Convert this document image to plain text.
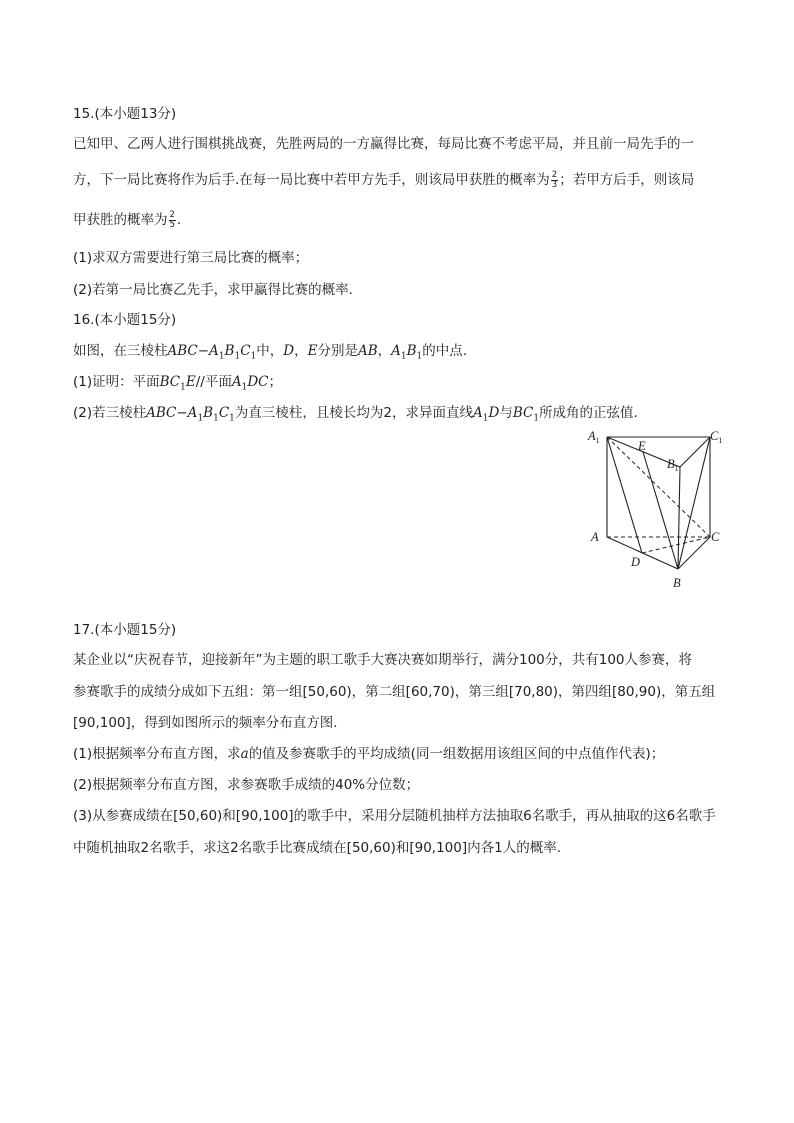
15.(本小题13分)
已知甲、乙两人进行围棋挑战赛，先胜两局的一方赢得比赛，每局比赛不考虑平局，并且前一局先手的一
方，下一局比赛将作为后手.在每一局比赛中若甲方先手，则该局甲获胜的概率为 $\frac{2}{3}$ ；若甲方后手，则该局
甲获胜的概率为 $\frac{2}{5}$ .
(1)求双方需要进行第三局比赛的概率；
(2)若第一局比赛乙先手，求甲赢得比赛的概率.
16.(本小题15分)
如图，在三棱柱$ABC-A_1B_1C_1$中，D，E分别是AB，$A_1B_1$的中点.
(1)证明：平面$BC_1E//$平面$A_1DC$；
(2)若三棱柱$ABC-A_1B_1C_1$为直三棱柱，且棱长均为2，求异面直线$A_1D$与$BC_1$所成角的正弦值.
$A_1$	$C_1$
E
$B_1$
A	C
D
B
17.(本小题15分)
某企业以“庆祝春节，迎接新年”为主题的职工歌手大赛决赛如期举行，满分100分，共有100人参赛，将
参赛歌手的成绩分成如下五组：第一组[50,60)，第二组[60,70)，第三组[70,80)，第四组[80,90)，第五组
[90,100]，得到如图所示的频率分布直方图.
(1)根据频率分布直方图，求a的值及参赛歌手的平均成绩(同一组数据用该组区间的中点值作代表)；
(2)根据频率分布直方图，求参赛歌手成绩的40%分位数；
(3)从参赛成绩在[50,60)和[90,100]的歌手中，采用分层随机抽样方法抽取6名歌手，再从抽取的这6名歌手
中随机抽取2名歌手，求这2名歌手比赛成绩在[50,60)和[90,100]内各1人的概率.
